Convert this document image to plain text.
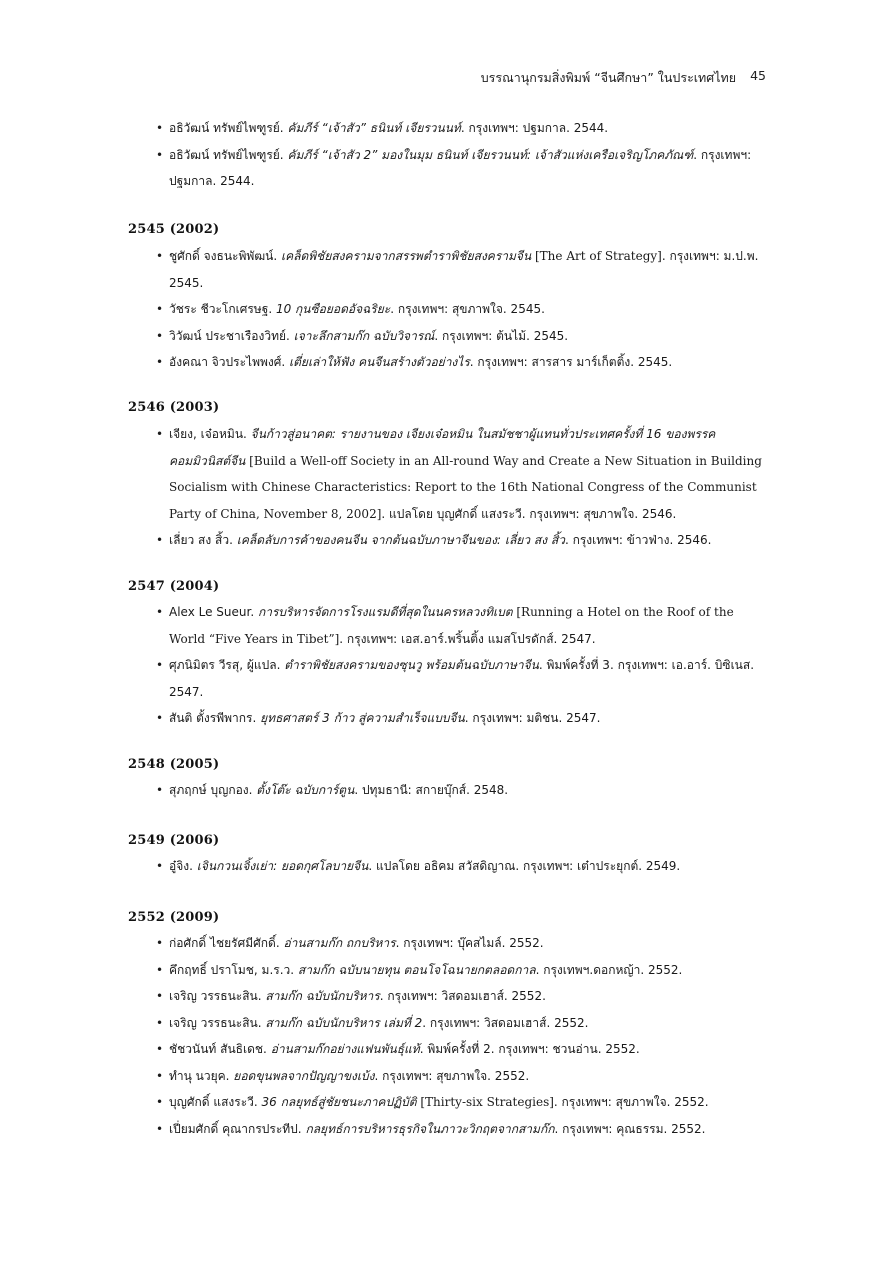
บรรณานุกรมสิ่งพิมพ์ “จีนศึกษา” ในประเทศไทย 45
• อธิวัฒน์ ทรัพย์ไพฑูรย์. คัมภีร์ “เจ้าสัว” ธนินท์ เจียรวนนท์. กรุงเทพฯ: ปฐมกาล. 2544.
• อธิวัฒน์ ทรัพย์ไพฑูรย์. คัมภีร์ “เจ้าสัว 2” มองในมุม ธนินท์ เจียรวนนท์: เจ้าสัวแห่งเครือเจริญโภคภัณฑ์. กรุงเทพฯ: ปฐมกาล. 2544.
2545 (2002)
• ชูศักดิ์ จงธนะพิพัฒน์. เคล็ดพิชัยสงครามจากสรรพตำราพิชัยสงครามจีน [The Art of Strategy]. กรุงเทพฯ: ม.ป.พ. 2545.
• วัชระ ชีวะโกเศรษฐ. 10 กุนซือยอดอัจฉริยะ. กรุงเทพฯ: สุขภาพใจ. 2545.
• วิวัฒน์ ประชาเรืองวิทย์. เจาะลึกสามก๊ก ฉบับวิจารณ์. กรุงเทพฯ: ต้นไม้. 2545.
• อังคณา จิวประไพพงศ์. เตี่ยเล่าให้ฟัง คนจีนสร้างตัวอย่างไร. กรุงเทพฯ: สารสาร มาร์เก็ตติ้ง. 2545.
2546 (2003)
• เจียง, เจ๋อหมิน. จีนก้าวสู่อนาคต: รายงานของ เจียงเจ๋อหมิน ในสมัชชาผู้แทนทั่วประเทศครั้งที่ 16 ของพรรคคอมมิวนิสต์จีน [Build a Well-off Society in an All-round Way and Create a New Situation in Building Socialism with Chinese Characteristics: Report to the 16th National Congress of the Communist Party of China, November 8, 2002]. แปลโดย บุญศักดิ์ แสงระวี. กรุงเทพฯ: สุขภาพใจ. 2546.
• เลี่ยว สง สิ้ว. เคล็ดลับการค้าของคนจีน จากต้นฉบับภาษาจีนของ: เลี่ยว สง สิ้ว. กรุงเทพฯ: ข้าวฟ่าง. 2546.
2547 (2004)
• Alex Le Sueur. การบริหารจัดการโรงแรมดีที่สุดในนครหลวงทิเบต [Running a Hotel on the Roof of the World “Five Years in Tibet”]. กรุงเทพฯ: เอส.อาร์.พริ้นติ้ง แมสโปรดักส์. 2547.
• ศุภนิมิตร วีรสุ, ผู้แปล. ตำราพิชัยสงครามของซุนวู พร้อมต้นฉบับภาษาจีน. พิมพ์ครั้งที่ 3. กรุงเทพฯ: เอ.อาร์. บิซิเนส. 2547.
• สันติ ตั้งรพีพากร. ยุทธศาสตร์ 3 ก้าว สู่ความสำเร็จแบบจีน. กรุงเทพฯ: มติชน. 2547.
2548 (2005)
• สุภฤกษ์ บุญกอง. ตั้งโต๊ะ ฉบับการ์ตูน. ปทุมธานี: สกายบุ๊กส์. 2548.
2549 (2006)
• อู๋จิง. เจินกวนเจิ้งเย่า: ยอดกุศโลบายจีน. แปลโดย อธิคม สวัสดิญาณ. กรุงเทพฯ: เต๋าประยุกต์. 2549.
2552 (2009)
• ก่อศักดิ์ ไชยรัศมีศักดิ์. อ่านสามก๊ก ถกบริหาร. กรุงเทพฯ: บุ๊คสไมล์. 2552.
• คึกฤทธิ์ ปราโมช, ม.ร.ว. สามก๊ก ฉบับนายทุน ตอนโจโฉนายกตลอดกาล. กรุงเทพฯ.ดอกหญ้า. 2552.
• เจริญ วรรธนะสิน. สามก๊ก ฉบับนักบริหาร. กรุงเทพฯ: วิสดอมเฮาส์. 2552.
• เจริญ วรรธนะสิน. สามก๊ก ฉบับนักบริหาร เล่มที่ 2. กรุงเทพฯ: วิสดอมเฮาส์. 2552.
• ชัชวนันท์ สันธิเดช. อ่านสามก๊กอย่างแฟนพันธุ์แท้. พิมพ์ครั้งที่ 2. กรุงเทพฯ: ชวนอ่าน. 2552.
• ทำนุ นวยุค. ยอดขุนพลจากปัญญาขงเบ้ง. กรุงเทพฯ: สุขภาพใจ. 2552.
• บุญศักดิ์ แสงระวี. 36 กลยุทธ์สู่ชัยชนะภาคปฏิบัติ [Thirty-six Strategies]. กรุงเทพฯ: สุขภาพใจ. 2552.
• เปี่ยมศักดิ์ คุณากรประทีป. กลยุทธ์การบริหารธุรกิจในภาวะวิกฤตจากสามก๊ก. กรุงเทพฯ: คุณธรรม. 2552.
